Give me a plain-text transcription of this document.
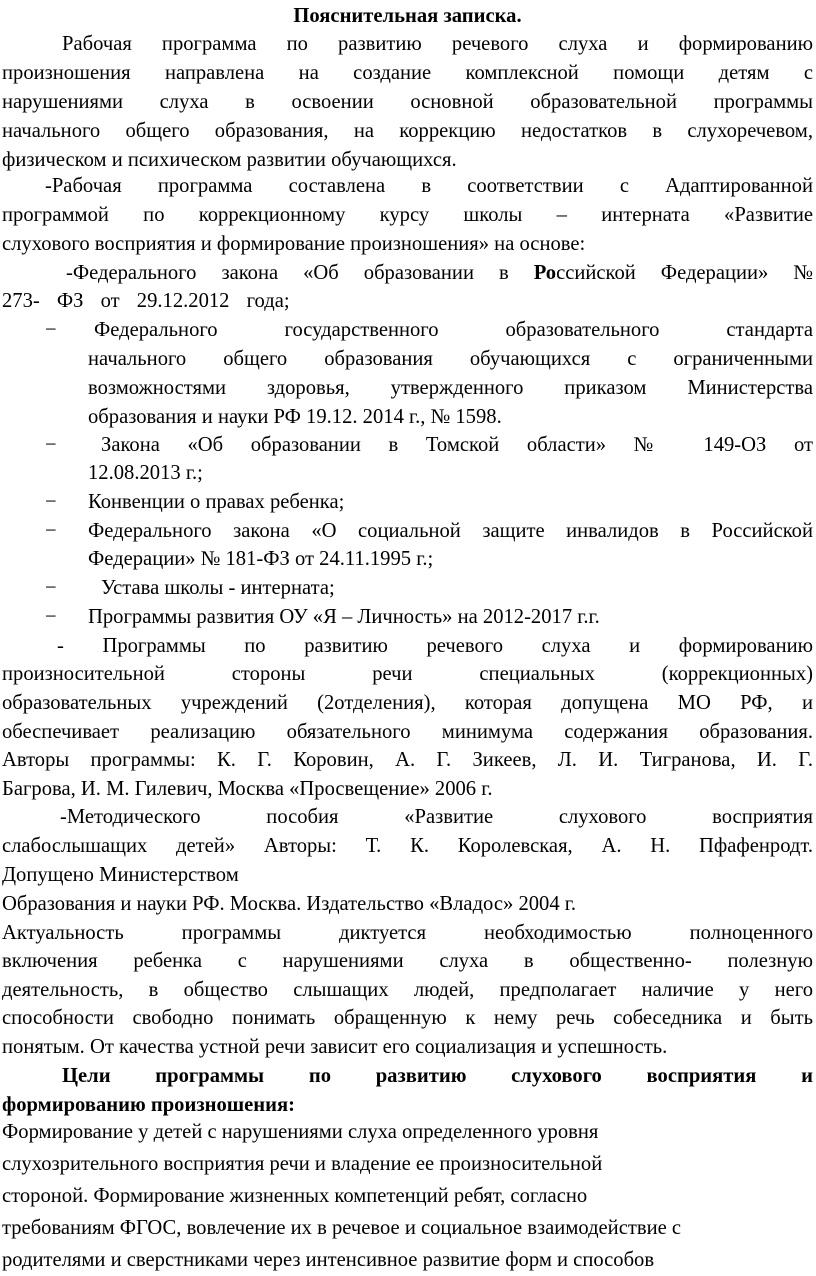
Пояснительная записка.
Рабочая программа по развитию речевого слуха и формированию
произношения направлена на создание комплексной помощи детям с
нарушениями слуха в освоении основной образовательной программы
начального общего образования, на коррекцию недостатков в слухоречевом,
физическом и психическом развитии обучающихся.
-Рабочая программа составлена в соответствии с Адаптированной
программой по коррекционному курсу школы – интерната «Развитие
слухового восприятия и формирование произношения» на основе:
-Федерального закона «Об образовании в Российской Федерации» №
273- ФЗ от 29.12.2012 года;
− Федерального государственного образовательного стандарта
начального общего образования обучающихся с ограниченными
возможностями здоровья, утвержденного приказом Министерства
образования и науки РФ 19.12. 2014 г., № 1598.
− Закона «Об образовании в Томской области» № 149-ОЗ от
12.08.2013 г.;
− Конвенции о правах ребенка;
− Федерального закона «О социальной защите инвалидов в Российской
Федерации» № 181-ФЗ от 24.11.1995 г.;
− Устава школы - интерната;
− Программы развития ОУ «Я – Личность» на 2012-2017 г.г.
- Программы по развитию речевого слуха и формированию
произносительной стороны речи специальных (коррекционных)
образовательных учреждений (2отделения), которая допущена МО РФ, и
обеспечивает реализацию обязательного минимума содержания образования.
Авторы программы: К. Г. Коровин, А. Г. Зикеев, Л. И. Тигранова, И. Г.
Багрова, И. М. Гилевич, Москва «Просвещение» 2006 г.
-Методического пособия «Развитие слухового восприятия
слабослышащих детей» Авторы: Т. К. Королевская, А. Н. Пфафенродт.
Допущено Министерством
Образования и науки РФ. Москва. Издательство «Владос» 2004 г.
Актуальность программы диктуется необходимостью полноценного
включения ребенка с нарушениями слуха в общественно- полезную
деятельность, в общество слышащих людей, предполагает наличие у него
способности свободно понимать обращенную к нему речь собеседника и быть
понятым. От качества устной речи зависит его социализация и успешность.
Цели программы по развитию слухового восприятия и
формированию произношения:
Формирование у детей с нарушениями слуха определенного уровня
слухозрительного восприятия речи и владение ее произносительной
стороной. Формирование жизненных компетенций ребят, согласно
требованиям ФГОС, вовлечение их в речевое и социальное взаимодействие с
родителями и сверстниками через интенсивное развитие форм и способов
